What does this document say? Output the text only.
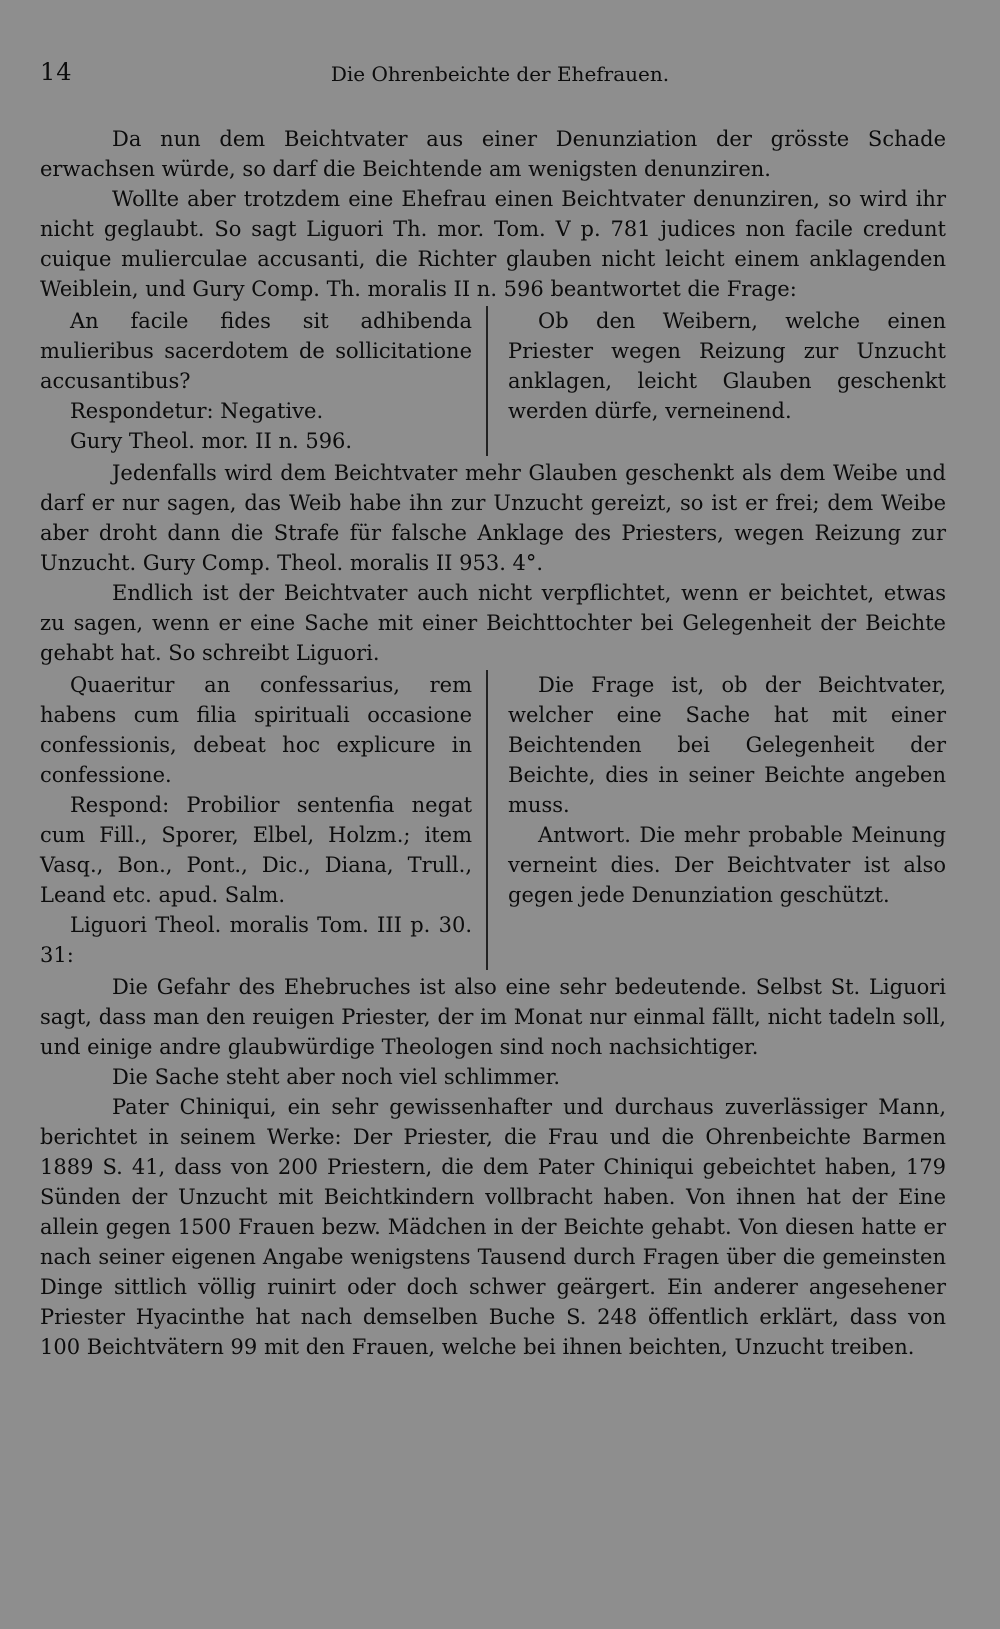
14	Die Ohrenbeichte der Ehefrauen.

Da nun dem Beichtvater aus einer Denunziation der grösste Schade erwachsen würde, so darf die Beichtende am wenigsten denunziren.

Wollte aber trotzdem eine Ehefrau einen Beichtvater denunziren, so wird ihr nicht geglaubt. So sagt Liguori Th. mor. Tom. V p. 781 judices non facile credunt cuique mulierculae accusanti, die Richter glauben nicht leicht einem anklagenden Weiblein, und Gury Comp. Th. moralis II n. 596 beantwortet die Frage:

An facile fides sit adhibenda mulieribus sacerdotem de sollicitatione accusantibus?

Respondetur: Negative.

Gury Theol. mor. II n. 596.

Ob den Weibern, welche einen Priester wegen Reizung zur Unzucht anklagen, leicht Glauben geschenkt werden dürfe, verneinend.

Jedenfalls wird dem Beichtvater mehr Glauben geschenkt als dem Weibe und darf er nur sagen, das Weib habe ihn zur Unzucht gereizt, so ist er frei; dem Weibe aber droht dann die Strafe für falsche Anklage des Priesters, wegen Reizung zur Unzucht. Gury Comp. Theol. moralis II 953. 4°.

Endlich ist der Beichtvater auch nicht verpflichtet, wenn er beichtet, etwas zu sagen, wenn er eine Sache mit einer Beichttochter bei Gelegenheit der Beichte gehabt hat. So schreibt Liguori.

Quaeritur an confessarius, rem habens cum filia spirituali occasione confessionis, debeat hoc explicure in confessione.

Respond: Probilior sentenfia negat cum Fill., Sporer, Elbel, Holzm.; item Vasq., Bon., Pont., Dic., Diana, Trull., Leand etc. apud. Salm.

Liguori Theol. moralis Tom. III p. 30. 31:

Die Frage ist, ob der Beichtvater, welcher eine Sache hat mit einer Beichtenden bei Gelegenheit der Beichte, dies in seiner Beichte angeben muss.

Antwort. Die mehr probable Meinung verneint dies. Der Beichtvater ist also gegen jede Denunziation geschützt.

Die Gefahr des Ehebruches ist also eine sehr bedeutende. Selbst St. Liguori sagt, dass man den reuigen Priester, der im Monat nur einmal fällt, nicht tadeln soll, und einige andre glaubwürdige Theologen sind noch nachsichtiger.

Die Sache steht aber noch viel schlimmer.

Pater Chiniqui, ein sehr gewissenhafter und durchaus zuverlässiger Mann, berichtet in seinem Werke: Der Priester, die Frau und die Ohrenbeichte Barmen 1889 S. 41, dass von 200 Priestern, die dem Pater Chiniqui gebeichtet haben, 179 Sünden der Unzucht mit Beichtkindern vollbracht haben. Von ihnen hat der Eine allein gegen 1500 Frauen bezw. Mädchen in der Beichte gehabt. Von diesen hatte er nach seiner eigenen Angabe wenigstens Tausend durch Fragen über die gemeinsten Dinge sittlich völlig ruinirt oder doch schwer geärgert. Ein anderer angesehener Priester Hyacinthe hat nach demselben Buche S. 248 öffentlich erklärt, dass von 100 Beichtvätern 99 mit den Frauen, welche bei ihnen beichten, Unzucht treiben.
